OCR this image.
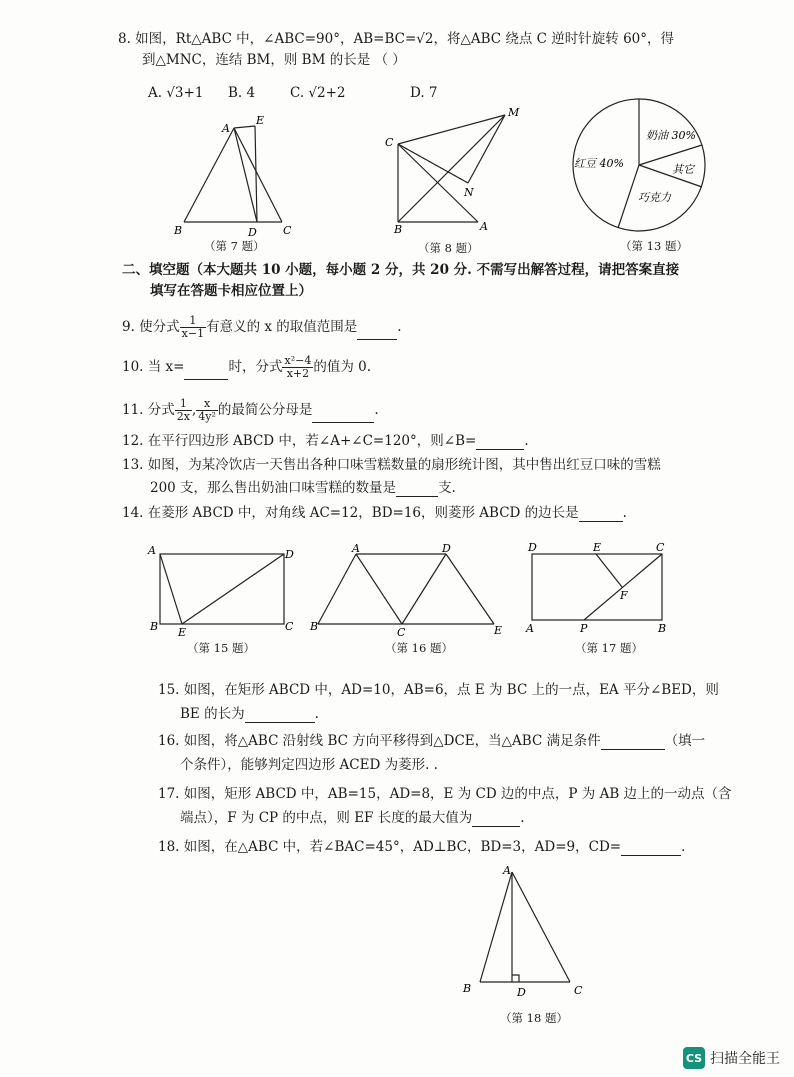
8. 如图，Rt△ABC 中，∠ABC=90°，AB=BC=√2，将△ABC 绕点 C 逆时针旋转 60°，得
到△MNC，连结 BM，则 BM 的长是 （ ）
A. √3+1 B. 4	C. √2+2	D. 7
A
E
B	D C
（第 7 题）
M
C
N
B	A
（第 8 题）
奶油 30%
红豆 40%	其它
巧克力
（第 13 题）
二、填空题（本大题共 10 小题，每小题 2 分，共 20 分. 不需写出解答过程，请把答案直接
填写在答题卡相应位置上）
9. 使分式 $\frac{1}{x-1}$ 有意义的 x 的取值范围是	.
10. 当 x=	时，分式 $\frac{\text{x²−4}}{x+2}$ 的值为 0.
11. 分式 $\frac{1}{2x}$ , $\frac{x}{\text{4y²}}$ 的最简公分母是	.
12. 在平行四边形 ABCD 中，若∠A+∠C=120°，则∠B=	.
13. 如图，为某冷饮店一天售出各种口味雪糕数量的扇形统计图，其中售出红豆口味的雪糕
200 支，那么售出奶油口味雪糕的数量是	支.
14. 在菱形 ABCD 中，对角线 AC=12，BD=16，则菱形 ABCD 的边长是	.
A	D
B E	C
（第 15 题）
A	D
B	C	E
（第 16 题）
D	E	C
F
A	P	B
（第 17 题）
15. 如图，在矩形 ABCD 中，AD=10，AB=6，点 E 为 BC 上的一点，EA 平分∠BED，则
BE 的长为	.
16. 如图，将△ABC 沿射线 BC 方向平移得到△DCE，当△ABC 满足条件	（填一
个条件），能够判定四边形 ACED 为菱形. .
17. 如图，矩形 ABCD 中，AB=15，AD=8，E 为 CD 边的中点，P 为 AB 边上的一动点（含
端点），F 为 CP 的中点，则 EF 长度的最大值为	.
18. 如图，在△ABC 中，若∠BAC=45°，AD⊥BC，BD=3，AD=9，CD=	.
A
B	D	C
（第 18 题）
CS 扫描全能王
